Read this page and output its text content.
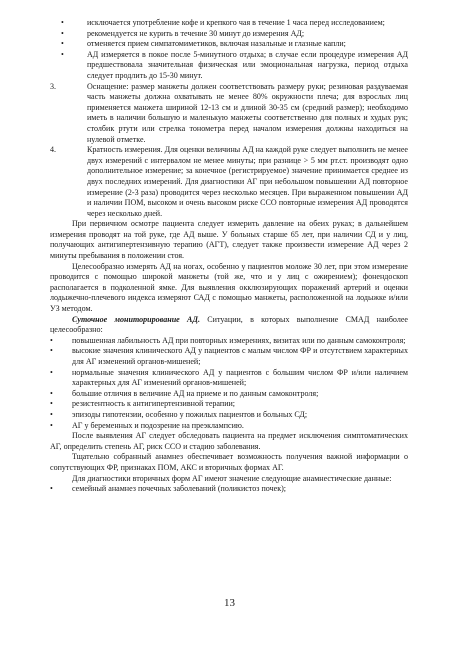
•	исключается употребление кофе и крепкого чая в течение 1 часа перед исследованием;
•	рекомендуется не курить в течение 30 минут до измерения АД;
•	отменяется прием симпатомиметиков, включая назальные и глазные капли;
•	АД измеряется в покое после 5-минутного отдыха; в случае если процедуре измерения АД предшествовала значительная физическая или эмоциональная нагрузка, период отдыха следует продлить до 15-30 минут.
3.	Оснащение: размер манжеты должен соответствовать размеру руки; резиновая раздуваемая часть манжеты должна охватывать не менее 80% окружности плеча; для взрослых лиц применяется манжета шириной 12-13 см и длиной 30-35 см (средний размер); необходимо иметь в наличии большую и маленькую манжеты соответственно для полных и худых рук; столбик ртути или стрелка тонометра перед началом измерения должны находиться на нулевой отметке.
4.	Кратность измерения. Для оценки величины АД на каждой руке следует выполнить не менее двух измерений с интервалом не менее минуты; при разнице > 5 мм рт.ст. производят одно дополнительное измерение; за конечное (регистрируемое) значение принимается среднее из двух последних измерений. Для диагностики АГ при небольшом повышении АД повторное измерение (2-3 раза) проводится через несколько месяцев. При выраженном повышении АД и наличии ПОМ, высоком и очень высоком риске ССО повторные измерения АД проводятся через несколько дней.
При первичном осмотре пациента следует измерить давление на обеих руках; в дальнейшем измерения проводят на той руке, где АД выше. У больных старше 65 лет, при наличии СД и у лиц, получающих антигипертензивную терапию (АГТ), следует также произвести измерение АД через 2 минуты пребывания в положении стоя.
Целесообразно измерять АД на ногах, особенно у пациентов моложе 30 лет, при этом измерение проводится с помощью широкой манжеты (той же, что и у лиц с ожирением); фонендоскоп располагается в подколенной ямке. Для выявления окклюзирующих поражений артерий и оценки лодыжечно-плечевого индекса измеряют САД с помощью манжеты, расположенной на лодыжке и/или УЗ методом.
Суточное мониторирование АД. Ситуации, в которых выполнение СМАД наиболее целесообразно:
• повышенная лабильность АД при повторных измерениях, визитах или по данным самоконтроля;
• высокие значения клинического АД у пациентов с малым числом ФР и отсутствием характерных для АГ изменений органов-мишеней;
• нормальные значения клинического АД у пациентов с большим числом ФР и/или наличием характерных для АГ изменений органов-мишеней;
• большие отличия в величине АД на приеме и по данным самоконтроля;
• резистентность к антигипертензивной терапии;
• эпизоды гипотензии, особенно у пожилых пациентов и больных СД;
• АГ у беременных и подозрение на преэклампсию.
После выявления АГ следует обследовать пациента на предмет исключения симптоматических АГ, определить степень АГ, риск ССО и стадию заболевания.
Тщательно собранный анамнез обеспечивает возможность получения важной информации о сопутствующих ФР, признаках ПОМ, АКС и вторичных формах АГ.
Для диагностики вторичных форм АГ имеют значение следующие анамнестические данные:
• семейный анамнез почечных заболеваний (поликистоз почек);
13
